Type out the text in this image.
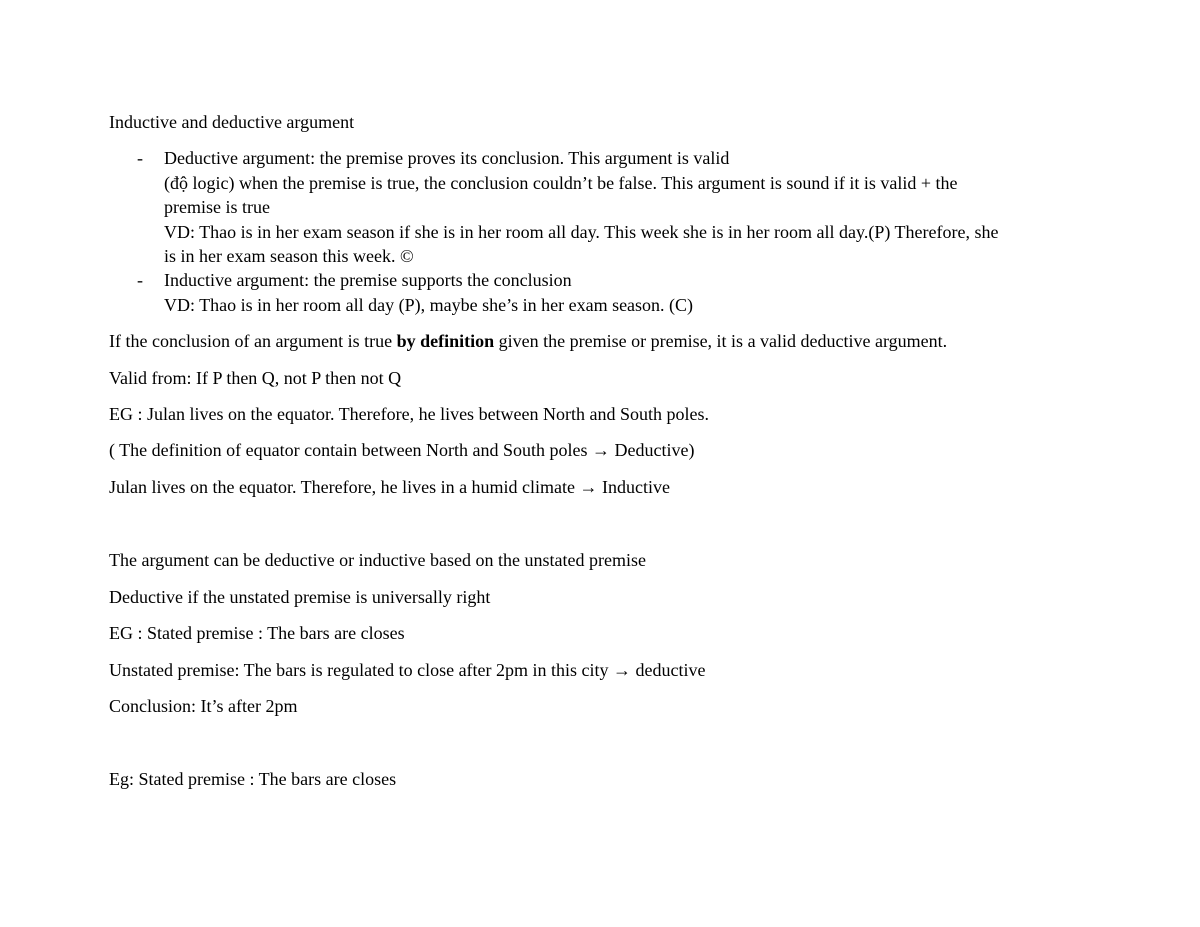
Inductive and deductive argument
- Deductive argument: the premise proves its conclusion. This argument is valid
(độ logic) when the premise is true, the conclusion couldn’t be false. This argument is sound if it is valid + the
premise is true
VD: Thao is in her exam season if she is in her room all day. This week she is in her room all day.(P) Therefore, she
is in her exam season this week. ©
- Inductive argument: the premise supports the conclusion
VD: Thao is in her room all day (P), maybe she’s in her exam season. (C)
If the conclusion of an argument is true by definition given the premise or premise, it is a valid deductive argument.
Valid from: If P then Q, not P then not Q
EG : Julan lives on the equator. Therefore, he lives between North and South poles.
( The definition of equator contain between North and South poles → Deductive)
Julan lives on the equator. Therefore, he lives in a humid climate → Inductive
The argument can be deductive or inductive based on the unstated premise
Deductive if the unstated premise is universally right
EG : Stated premise : The bars are closes
Unstated premise: The bars is regulated to close after 2pm in this city → deductive
Conclusion: It’s after 2pm
Eg: Stated premise : The bars are closes
